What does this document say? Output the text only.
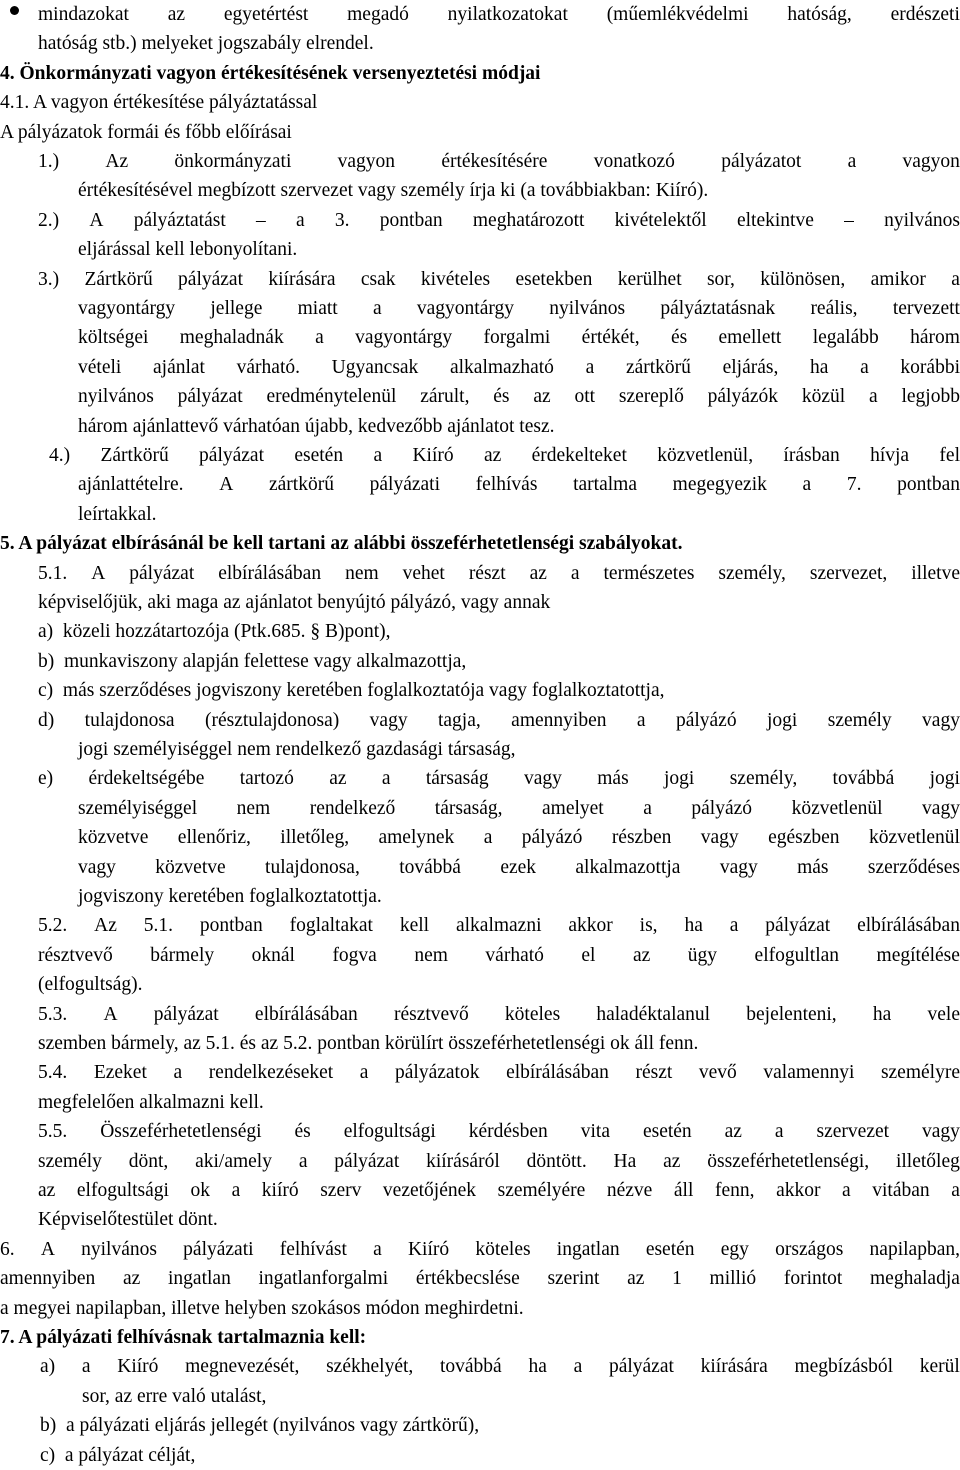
mindazokat az egyetértést megadó nyilatkozatokat (műemlékvédelmi hatóság, erdészeti
hatóság stb.) melyeket jogszabály elrendel.
4. Önkormányzati vagyon értékesítésének versenyeztetési módjai
4.1. A vagyon értékesítése pályáztatással
A pályázatok formái és főbb előírásai
1.) Az önkormányzati vagyon értékesítésére vonatkozó pályázatot a vagyon
értékesítésével megbízott szervezet vagy személy írja ki (a továbbiakban: Kiíró).
2.) A pályáztatást – a 3. pontban meghatározott kivételektől eltekintve – nyilvános
eljárással kell lebonyolítani.
3.) Zártkörű pályázat kiírására csak kivételes esetekben kerülhet sor, különösen, amikor a
vagyontárgy jellege miatt a vagyontárgy nyilvános pályáztatásnak reális, tervezett
költségei meghaladnák a vagyontárgy forgalmi értékét, és emellett legalább három
vételi ajánlat várható. Ugyancsak alkalmazható a zártkörű eljárás, ha a korábbi
nyilvános pályázat eredménytelenül zárult, és az ott szereplő pályázók közül a legjobb
három ajánlattevő várhatóan újabb, kedvezőbb ajánlatot tesz.
4.) Zártkörű pályázat esetén a Kiíró az érdekelteket közvetlenül, írásban hívja fel
ajánlattételre. A zártkörű pályázati felhívás tartalma megegyezik a 7. pontban
leírtakkal.
5. A pályázat elbírásánál be kell tartani az alábbi összeférhetetlenségi szabályokat.
5.1. A pályázat elbírálásában nem vehet részt az a természetes személy, szervezet, illetve
képviselőjük, aki maga az ajánlatot benyújtó pályázó, vagy annak
a)  közeli hozzátartozója (Ptk.685. § B)pont),
b)  munkaviszony alapján felettese vagy alkalmazottja,
c)  más szerződéses jogviszony keretében foglalkoztatója vagy foglalkoztatottja,
d) tulajdonosa (résztulajdonosa) vagy tagja, amennyiben a pályázó jogi személy vagy
jogi személyiséggel nem rendelkező gazdasági társaság,
e) érdekeltségébe tartozó az a társaság vagy más jogi személy, továbbá jogi
személyiséggel nem rendelkező társaság, amelyet a pályázó közvetlenül vagy
közvetve ellenőriz, illetőleg, amelynek a pályázó részben vagy egészben közvetlenül
vagy közvetve tulajdonosa, továbbá ezek alkalmazottja vagy más szerződéses
jogviszony keretében foglalkoztatottja.
5.2. Az 5.1. pontban foglaltakat kell alkalmazni akkor is, ha a pályázat elbírálásában
résztvevő bármely oknál fogva nem várható el az ügy elfogultlan megítélése
(elfogultság).
5.3. A pályázat elbírálásában résztvevő köteles haladéktalanul bejelenteni, ha vele
szemben bármely, az 5.1. és az 5.2. pontban körülírt összeférhetetlenségi ok áll fenn.
5.4. Ezeket a rendelkezéseket a pályázatok elbírálásában részt vevő valamennyi személyre
megfelelően alkalmazni kell.
5.5. Összeférhetetlenségi és elfogultsági kérdésben vita esetén az a szervezet vagy
személy dönt, aki/amely a pályázat kiírásáról döntött. Ha az összeférhetetlenségi, illetőleg
az elfogultsági ok a kiíró szerv vezetőjének személyére nézve áll fenn, akkor a vitában a
Képviselőtestület dönt.
6. A nyilvános pályázati felhívást a Kiíró köteles ingatlan esetén egy országos napilapban,
amennyiben az ingatlan ingatlanforgalmi értékbecslése szerint az 1 millió forintot meghaladja
a megyei napilapban, illetve helyben szokásos módon meghirdetni.
7. A pályázati felhívásnak tartalmaznia kell:
a) a Kiíró megnevezését, székhelyét, továbbá ha a pályázat kiírására megbízásból kerül
sor, az erre való utalást,
b)  a pályázati eljárás jellegét (nyilvános vagy zártkörű),
c)  a pályázat célját,
